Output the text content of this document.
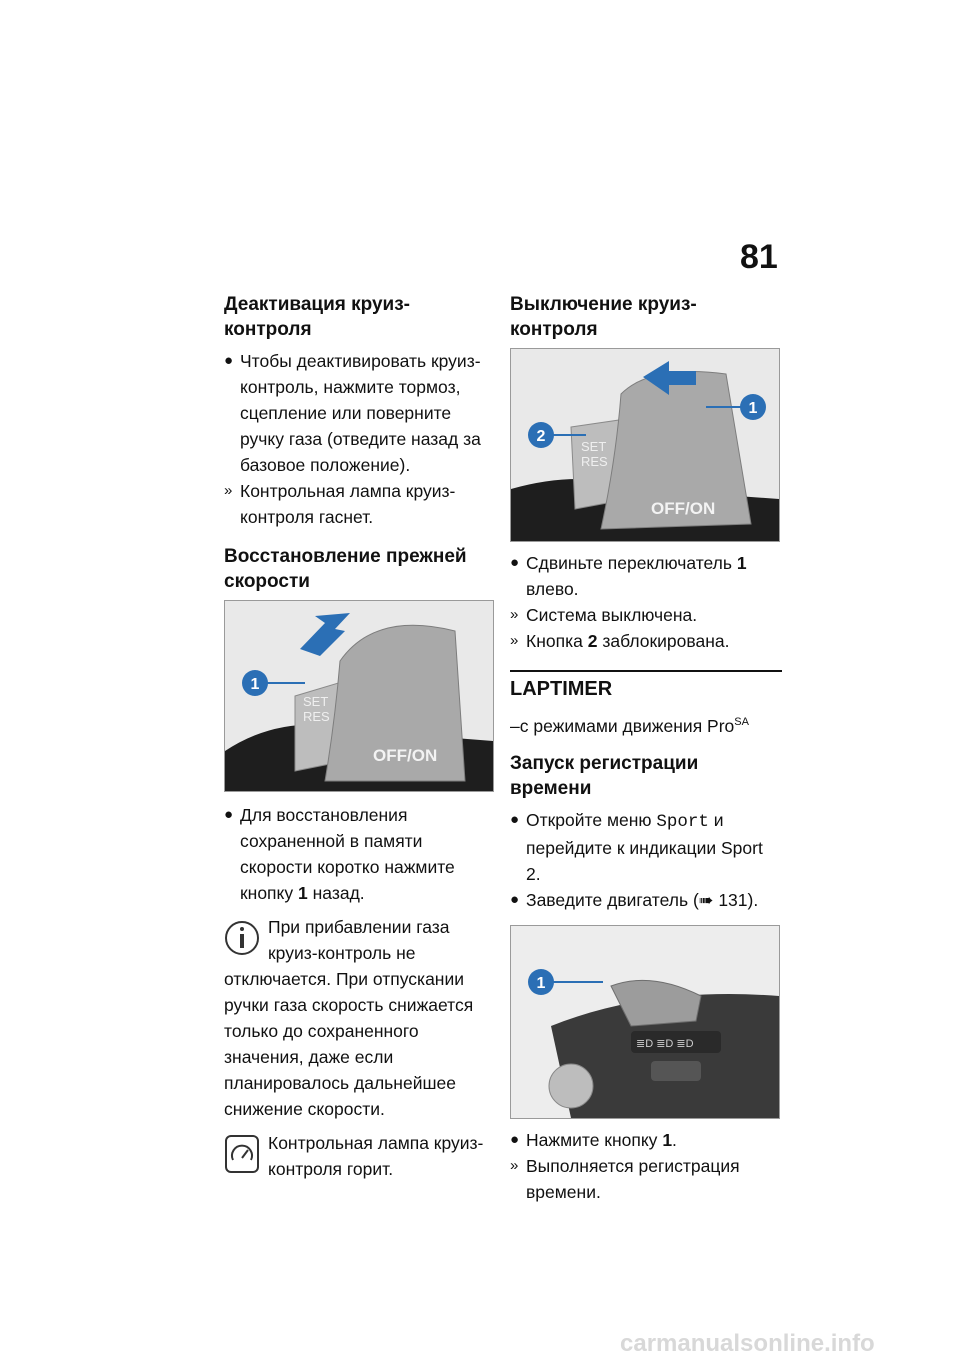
81
Деактивация круиз-контроля

● Чтобы деактивировать круиз-контроль, нажмите тормоз, сцепление или поверните ручку газа (отведите назад за базовое положение).

» Контрольная лампа круиз-контроля гаснет.

Восстановление прежней скорости
1
SET
RES
OFF/ON

● Для восстановления сохраненной в памяти скорости коротко нажмите кнопку 1 назад.

При прибавлении газа круиз-контроль не отключается. При отпускании ручки газа скорость снижается только до сохраненного значения, даже если планировалось дальнейшее снижение скорости.
Контрольная лампа круиз-контроля горит.
Выключение круиз-контроля
1
2
SET
RES
OFF/ON

● Сдвиньте переключатель 1 влево.

» Система выключена.

» Кнопка 2 заблокирована.

LAPTIMER

–с режимами движения Pro$^{SA}$

Запуск регистрации времени

● Откройте меню Sport и перейдите к индикации Sport 2.

● Заведите двигатель (➠ 131).

≣D ≣D ≣D
1

● Нажмите кнопку 1.

» Выполняется регистрация времени.

carmanualsonline.info
